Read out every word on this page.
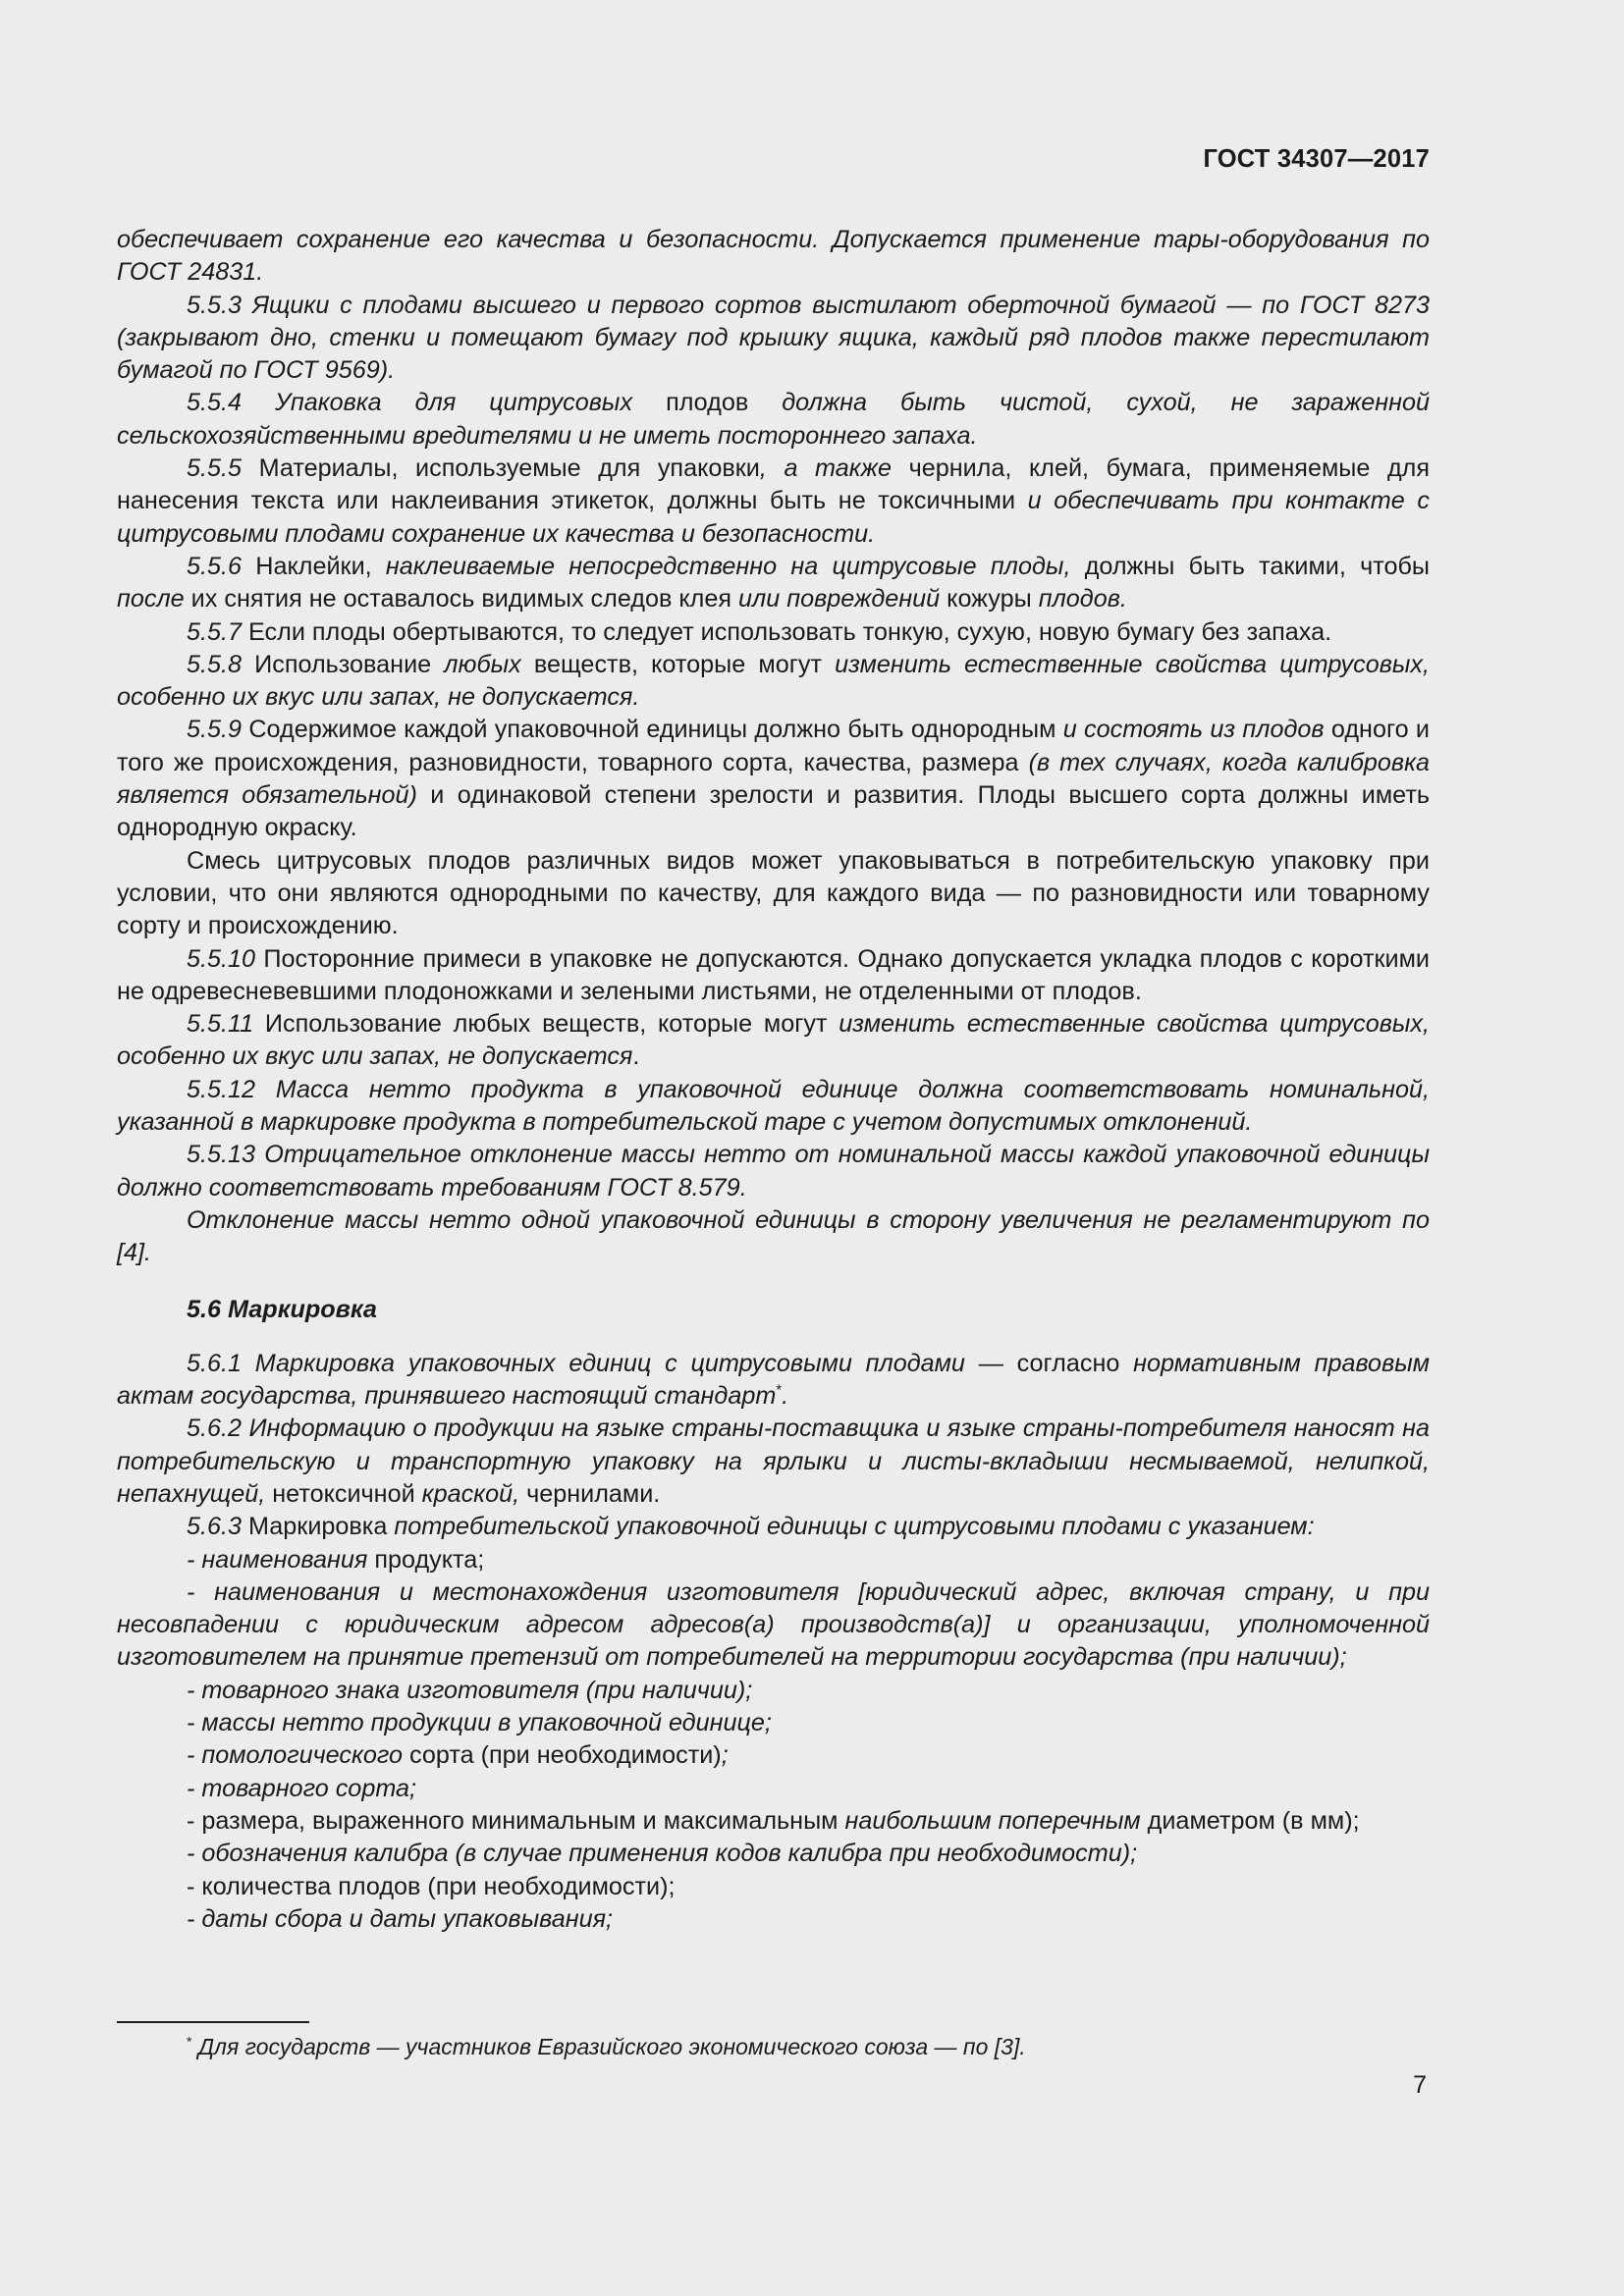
ГОСТ 34307—2017

обеспечивает сохранение его качества и безопасности. Допускается применение тары-оборудования по ГОСТ 24831.

5.5.3 Ящики с плодами высшего и первого сортов выстилают оберточной бумагой — по ГОСТ 8273 (закрывают дно, стенки и помещают бумагу под крышку ящика, каждый ряд плодов также перестилают бумагой по ГОСТ 9569).

5.5.4 Упаковка для цитрусовых плодов должна быть чистой, сухой, не зараженной сельскохозяйственными вредителями и не иметь постороннего запаха.

5.5.5 Материалы, используемые для упаковки, а также чернила, клей, бумага, применяемые для нанесения текста или наклеивания этикеток, должны быть не токсичными и обеспечивать при контакте с цитрусовыми плодами сохранение их качества и безопасности.

5.5.6 Наклейки, наклеиваемые непосредственно на цитрусовые плоды, должны быть такими, чтобы после их снятия не оставалось видимых следов клея или повреждений кожуры плодов.

5.5.7 Если плоды обертываются, то следует использовать тонкую, сухую, новую бумагу без запаха.

5.5.8 Использование любых веществ, которые могут изменить естественные свойства цитрусовых, особенно их вкус или запах, не допускается.

5.5.9 Содержимое каждой упаковочной единицы должно быть однородным и состоять из плодов одного и того же происхождения, разновидности, товарного сорта, качества, размера (в тех случаях, когда калибровка является обязательной) и одинаковой степени зрелости и развития. Плоды высшего сорта должны иметь однородную окраску.

Смесь цитрусовых плодов различных видов может упаковываться в потребительскую упаковку при условии, что они являются однородными по качеству, для каждого вида — по разновидности или товарному сорту и происхождению.

5.5.10 Посторонние примеси в упаковке не допускаются. Однако допускается укладка плодов с короткими не одревесневевшими плодоножками и зелеными листьями, не отделенными от плодов.

5.5.11 Использование любых веществ, которые могут изменить естественные свойства цитрусовых, особенно их вкус или запах, не допускается.

5.5.12 Масса нетто продукта в упаковочной единице должна соответствовать номинальной, указанной в маркировке продукта в потребительской таре с учетом допустимых отклонений.

5.5.13 Отрицательное отклонение массы нетто от номинальной массы каждой упаковочной единицы должно соответствовать требованиям ГОСТ 8.579.

Отклонение массы нетто одной упаковочной единицы в сторону увеличения не регламентируют по [4].

5.6 Маркировка

5.6.1 Маркировка упаковочных единиц с цитрусовыми плодами — согласно нормативным правовым актам государства, принявшего настоящий стандарт*.

5.6.2 Информацию о продукции на языке страны-поставщика и языке страны-потребителя наносят на потребительскую и транспортную упаковку на ярлыки и листы-вкладыши несмываемой, нелипкой, непахнущей, нетоксичной краской, чернилами.

5.6.3 Маркировка потребительской упаковочной единицы с цитрусовыми плодами с указанием:

- наименования продукта;

- наименования и местонахождения изготовителя [юридический адрес, включая страну, и при несовпадении с юридическим адресом адресов(а) производств(а)] и организации, уполномоченной изготовителем на принятие претензий от потребителей на территории государства (при наличии);

- товарного знака изготовителя (при наличии);

- массы нетто продукции в упаковочной единице;

- помологического сорта (при необходимости);

- товарного сорта;

- размера, выраженного минимальным и максимальным наибольшим поперечным диаметром (в мм);

- обозначения калибра (в случае применения кодов калибра при необходимости);

- количества плодов (при необходимости);

- даты сбора и даты упаковывания;

* Для государств — участников Евразийского экономического союза — по [3].
7
